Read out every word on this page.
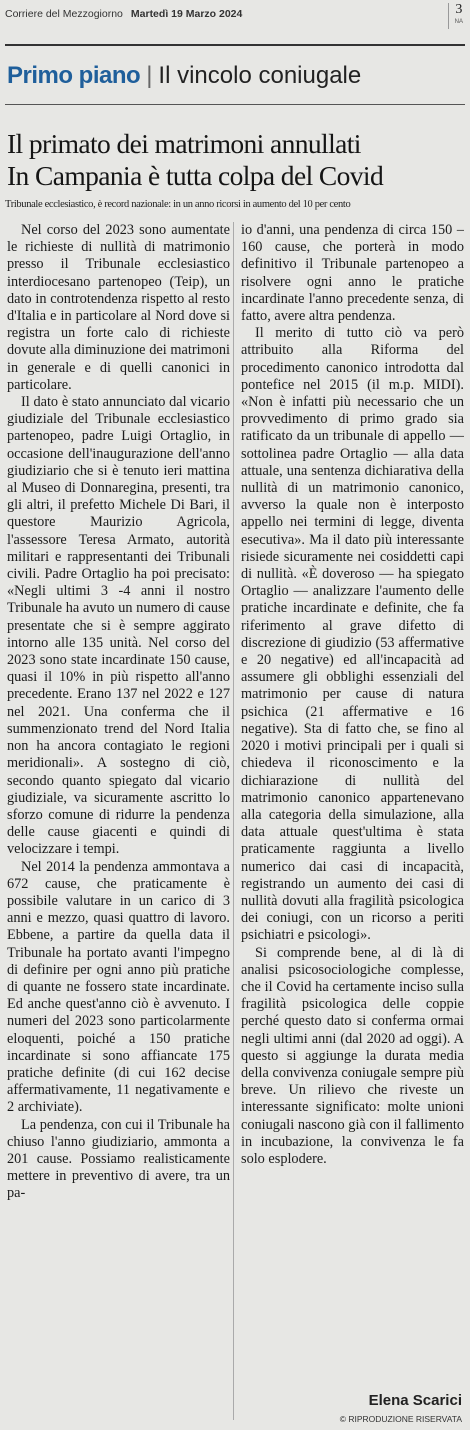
Corriere del Mezzogiorno Martedì 19 Marzo 2024	3
NA
Primo piano | Il vincolo coniugale
Il primato dei matrimoni annullati
In Campania è tutta colpa del Covid
Tribunale ecclesiastico, è record nazionale: in un anno ricorsi in aumento del 10 per cento

Nel corso del 2023 sono aumentate le richieste di nullità di matrimonio presso il Tribunale ecclesiastico interdiocesano partenopeo (Teip), un dato in controtendenza rispetto al resto d'Italia e in particolare al Nord dove si registra un forte calo di richieste dovute alla diminuzione dei matrimoni in generale e di quelli canonici in particolare.

Il dato è stato annunciato dal vicario giudiziale del Tribunale ecclesiastico partenopeo, padre Luigi Ortaglio, in occasione dell'inaugurazione dell'anno giudiziario che si è tenuto ieri mattina al Museo di Donnaregina, presenti, tra gli altri, il prefetto Michele Di Bari, il questore Maurizio Agricola, l'assessore Teresa Armato, autorità militari e rappresentanti dei Tribunali civili. Padre Ortaglio ha poi precisato: «Negli ultimi 3 -4 anni il nostro Tribunale ha avuto un numero di cause presentate che si è sempre aggirato intorno alle 135 unità. Nel corso del 2023 sono state incardinate 150 cause, quasi il 10% in più rispetto all'anno precedente. Erano 137 nel 2022 e 127 nel 2021. Una conferma che il summenzionato trend del Nord Italia non ha ancora contagiato le regioni meridionali». A sostegno di ciò, secondo quanto spiegato dal vicario giudiziale, va sicuramente ascritto lo sforzo comune di ridurre la pendenza delle cause giacenti e quindi di velocizzare i tempi.

Nel 2014 la pendenza ammontava a 672 cause, che praticamente è possibile valutare in un carico di 3 anni e mezzo, quasi quattro di lavoro. Ebbene, a partire da quella data il Tribunale ha portato avanti l'impegno di definire per ogni anno più pratiche di quante ne fossero state incardinate. Ed anche quest'anno ciò è avvenuto. I numeri del 2023 sono particolarmente eloquenti, poiché a 150 pratiche incardinate si sono affiancate 175 pratiche definite (di cui 162 decise affermativamente, 11 negativamente e 2 archiviate).

La pendenza, con cui il Tribunale ha chiuso l'anno giudiziario, ammonta a 201 cause. Possiamo realisticamente mettere in preventivo di avere, tra un pa-

io d'anni, una pendenza di circa 150 – 160 cause, che porterà in modo definitivo il Tribunale partenopeo a risolvere ogni anno le pratiche incardinate l'anno precedente senza, di fatto, avere altra pendenza.

Il merito di tutto ciò va però attribuito alla Riforma del procedimento canonico introdotta dal pontefice nel 2015 (il m.p. MIDI). «Non è infatti più necessario che un provvedimento di primo grado sia ratificato da un tribunale di appello — sottolinea padre Ortaglio — alla data attuale, una sentenza dichiarativa della nullità di un matrimonio canonico, avverso la quale non è interposto appello nei termini di legge, diventa esecutiva». Ma il dato più interessante risiede sicuramente nei cosiddetti capi di nullità. «È doveroso — ha spiegato Ortaglio — analizzare l'aumento delle pratiche incardinate e definite, che fa riferimento al grave difetto di discrezione di giudizio (53 affermative e 20 negative) ed all'incapacità ad assumere gli obblighi essenziali del matrimonio per cause di natura psichica (21 affermative e 16 negative). Sta di fatto che, se fino al 2020 i motivi principali per i quali si chiedeva il riconoscimento e la dichiarazione di nullità del matrimonio canonico appartenevano alla categoria della simulazione, alla data attuale quest'ultima è stata praticamente raggiunta a livello numerico dai casi di incapacità, registrando un aumento dei casi di nullità dovuti alla fragilità psicologica dei coniugi, con un ricorso a periti psichiatri e psicologi».

Si comprende bene, al di là di analisi psicosociologiche complesse, che il Covid ha certamente inciso sulla fragilità psicologica delle coppie perché questo dato si conferma ormai negli ultimi anni (dal 2020 ad oggi). A questo si aggiunge la durata media della convivenza coniugale sempre più breve. Un rilievo che riveste un interessante significato: molte unioni coniugali nascono già con il fallimento in incubazione, la convivenza le fa solo esplodere.

Elena Scarici
© RIPRODUZIONE RISERVATA
